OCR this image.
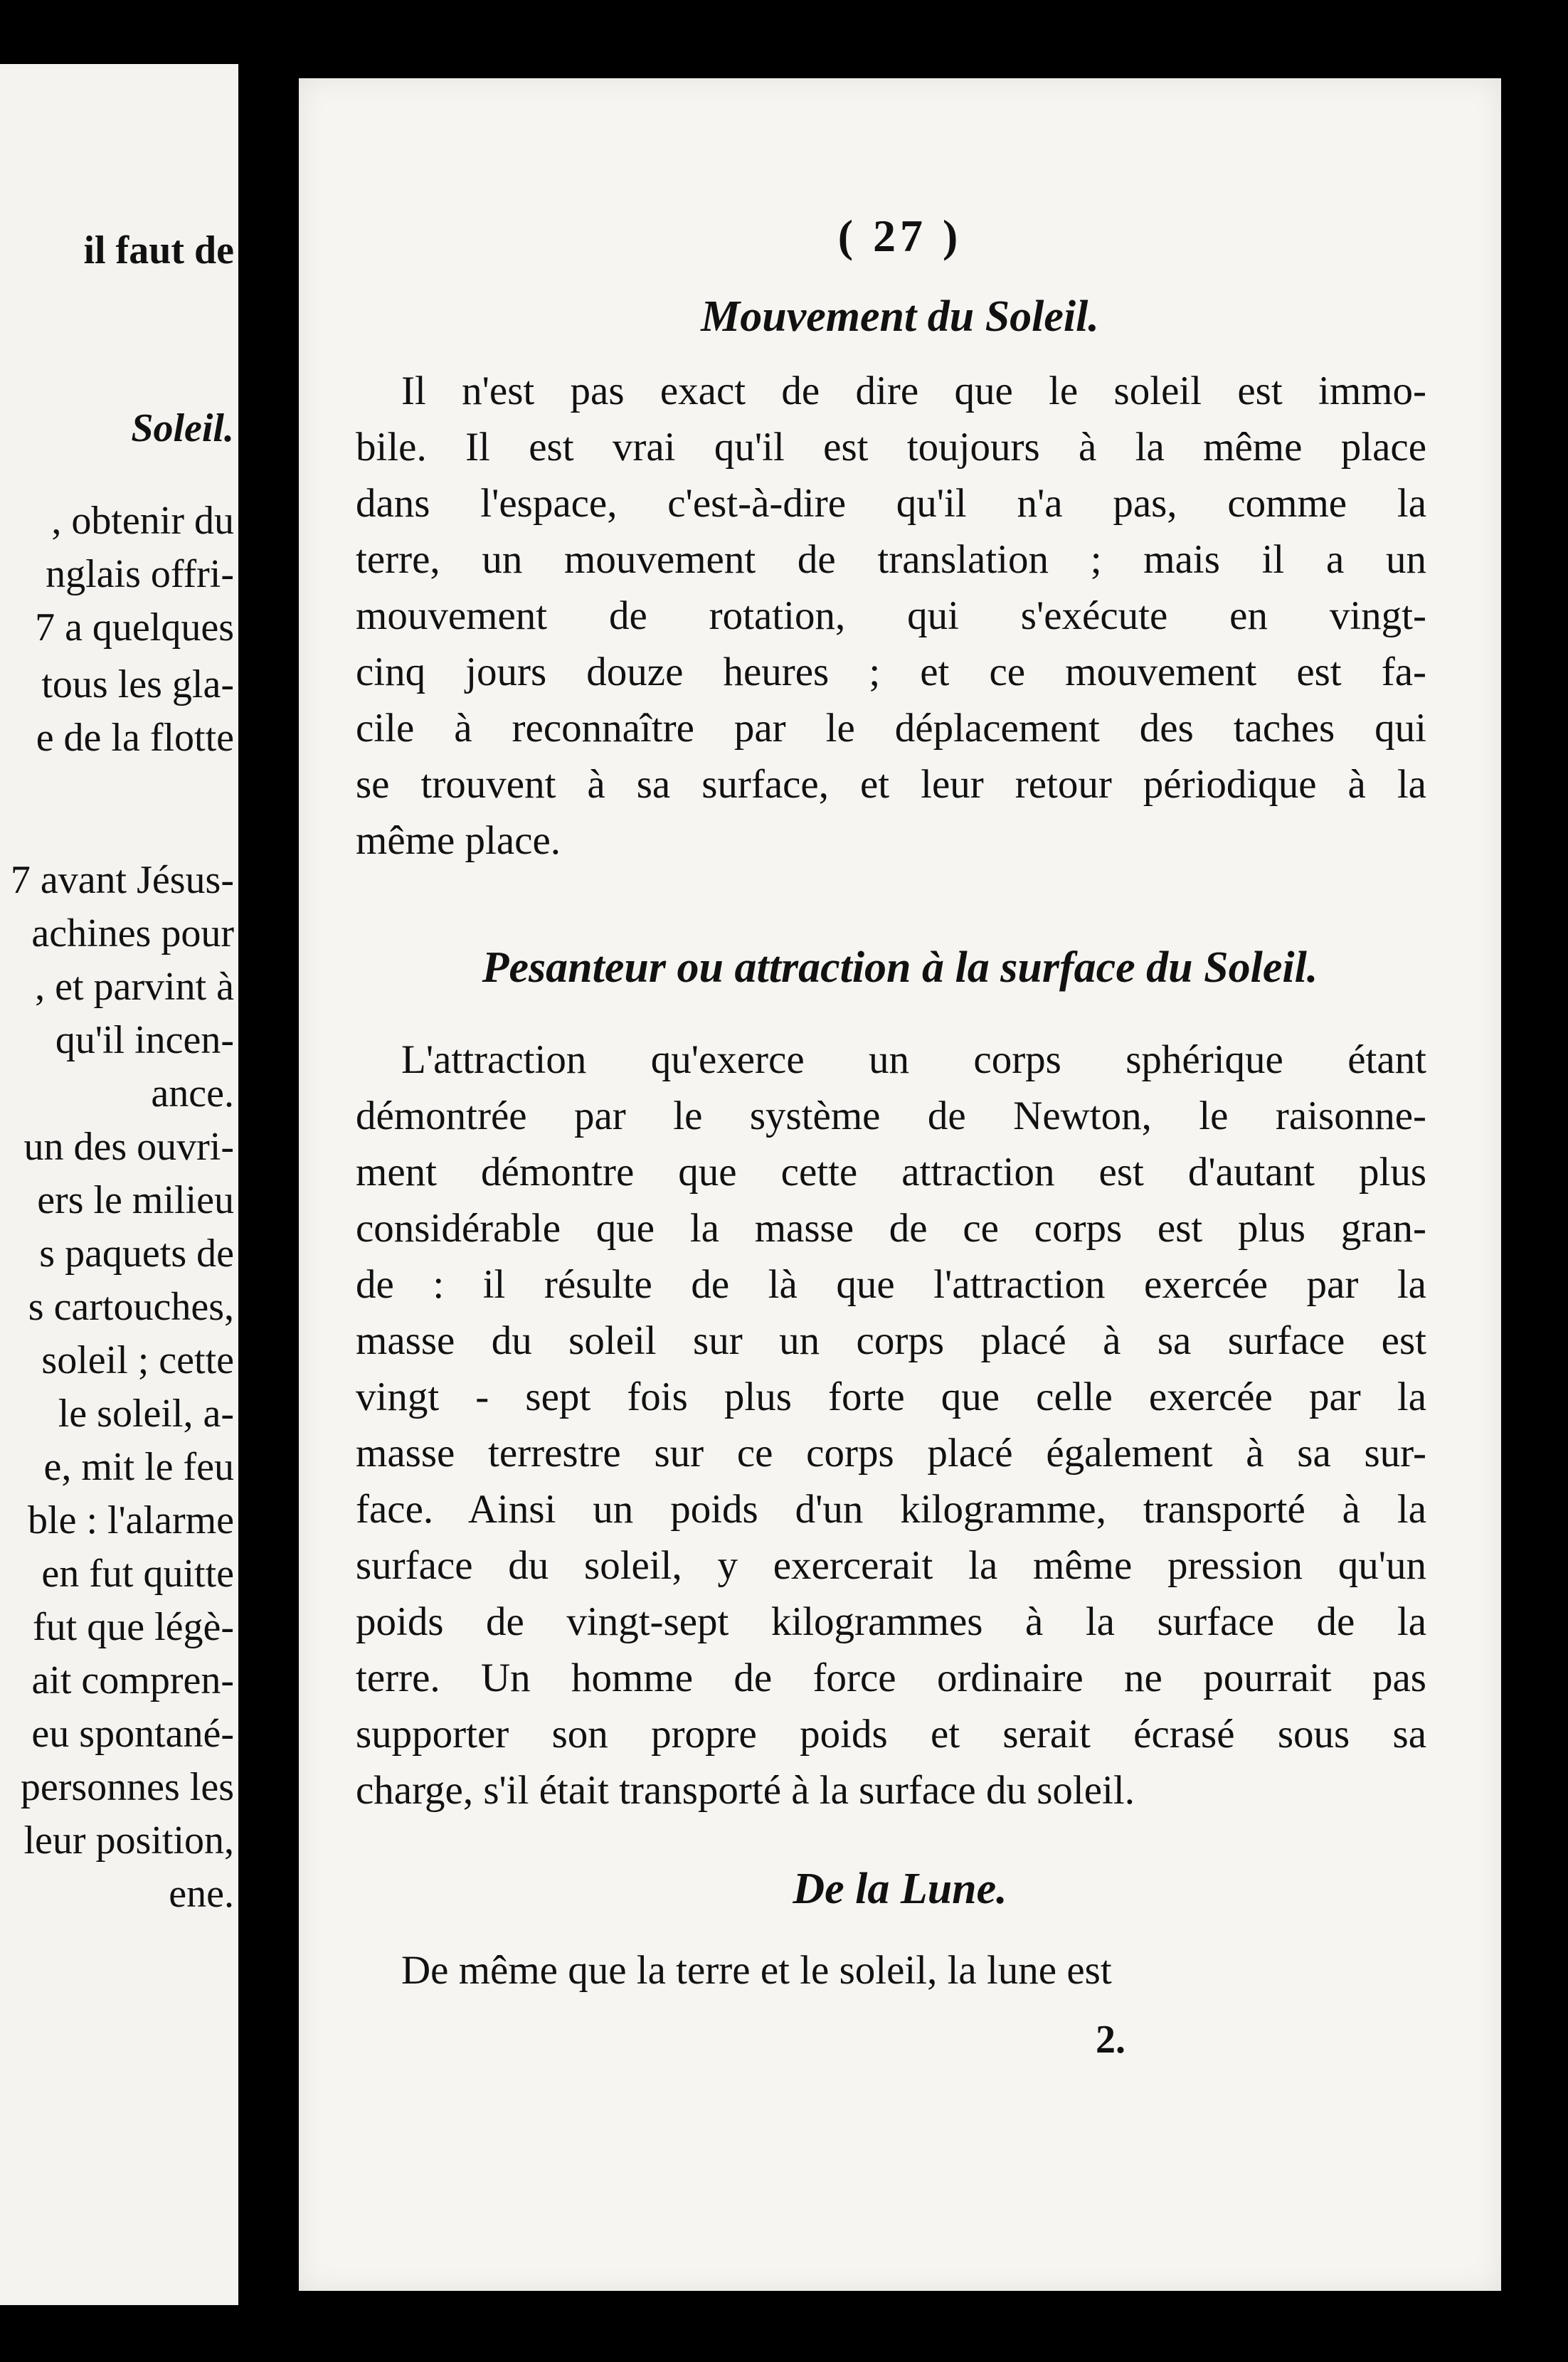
il faut de
Soleil.
, obtenir du
nglais offri-
7 a quelques
tous les gla-
e de la flotte
7 avant Jésus-
achines pour
, et parvint à
qu'il incen-
ance.
un des ouvri-
ers le milieu
s paquets de
s cartouches,
soleil ; cette
le soleil, a-
e, mit le feu
ble : l'alarme
en fut quitte
fut que légè-
ait compren-
eu spontané-
personnes les
leur position,
ene.
( 27 )
Mouvement du Soleil.
Il n'est pas exact de dire que le soleil est immo-
bile. Il est vrai qu'il est toujours à la même place
dans l'espace, c'est-à-dire qu'il n'a pas, comme la
terre, un mouvement de translation ; mais il a un
mouvement de rotation, qui s'exécute en vingt-
cinq jours douze heures ; et ce mouvement est fa-
cile à reconnaître par le déplacement des taches qui
se trouvent à sa surface, et leur retour périodique à la
même place.
Pesanteur ou attraction à la surface du Soleil.
L'attraction qu'exerce un corps sphérique étant
démontrée par le système de Newton, le raisonne-
ment démontre que cette attraction est d'autant plus
considérable que la masse de ce corps est plus gran-
de : il résulte de là que l'attraction exercée par la
masse du soleil sur un corps placé à sa surface est
vingt - sept fois plus forte que celle exercée par la
masse terrestre sur ce corps placé également à sa sur-
face. Ainsi un poids d'un kilogramme, transporté à la
surface du soleil, y exercerait la même pression qu'un
poids de vingt-sept kilogrammes à la surface de la
terre. Un homme de force ordinaire ne pourrait pas
supporter son propre poids et serait écrasé sous sa
charge, s'il était transporté à la surface du soleil.
De la Lune.
De même que la terre et le soleil, la lune est
2.
